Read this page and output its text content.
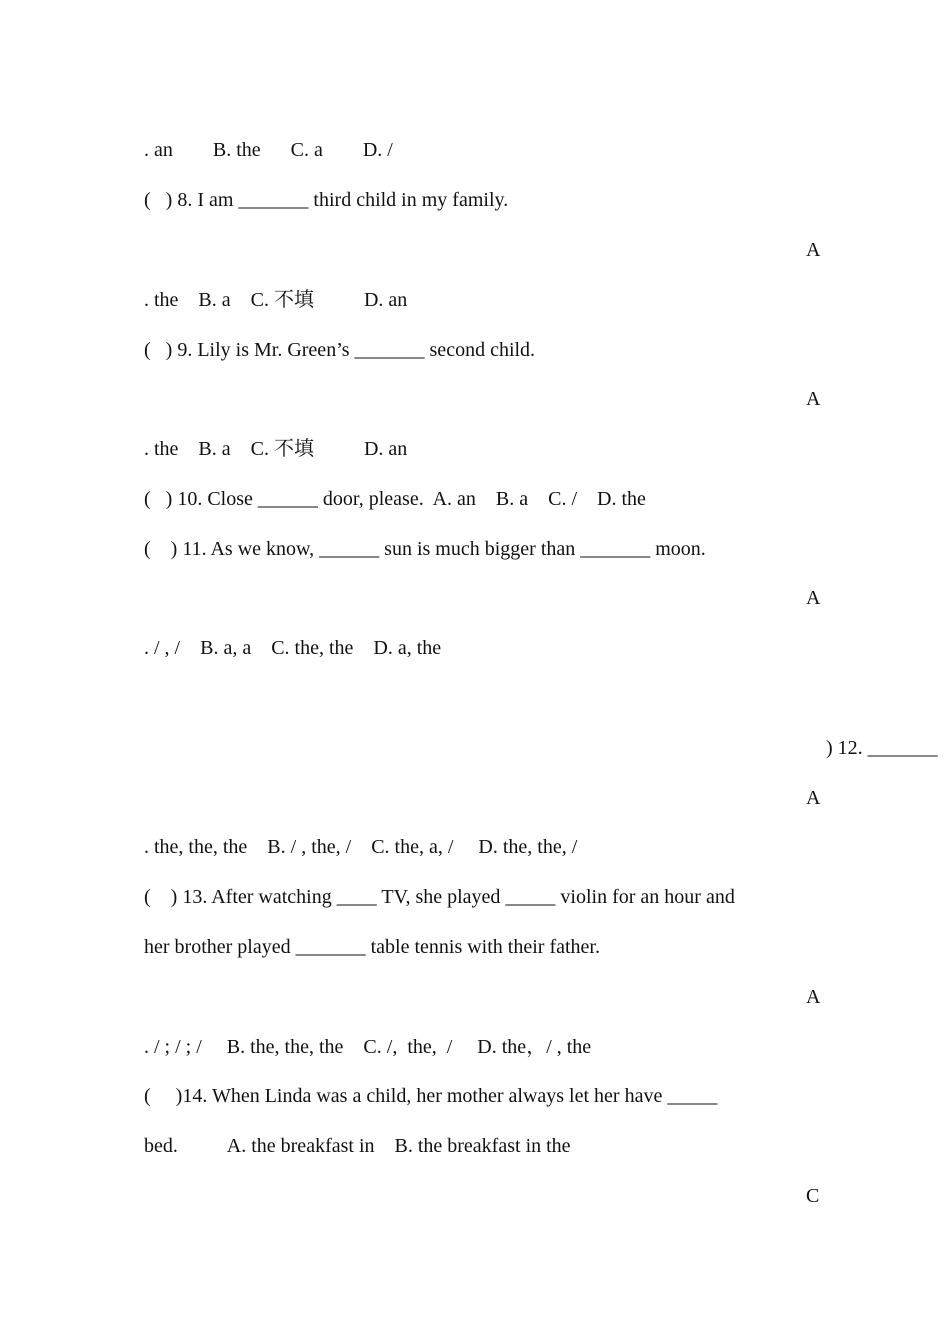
. an        B. the      C. a        D. /

(   ) 8. I am _______ third child in my family.

A

. the    B. a    C. 不填          D. an

(   ) 9. Lily is Mr. Green’s _______ second child.

A

. the    B. a    C. 不填          D. an

(   ) 10. Close ______ door, please.  A. an    B. a    C. /    D. the

(    ) 11. As we know, ______ sun is much bigger than _______ moon.

A

. / , /    B. a, a    C. the, the    D. a, the

) 12. _______

A

. the, the, the    B. / , the, /    C. the, a, /     D. the, the, /

(    ) 13. After watching ____ TV, she played _____ violin for an hour and

her brother played _______ table tennis with their father.

A

. / ; / ; /     B. the, the, the    C. /,  the,  /     D. the，/ , the

(     )14. When Linda was a child, her mother always let her have _____

bed.          A. the breakfast in    B. the breakfast in the

C
